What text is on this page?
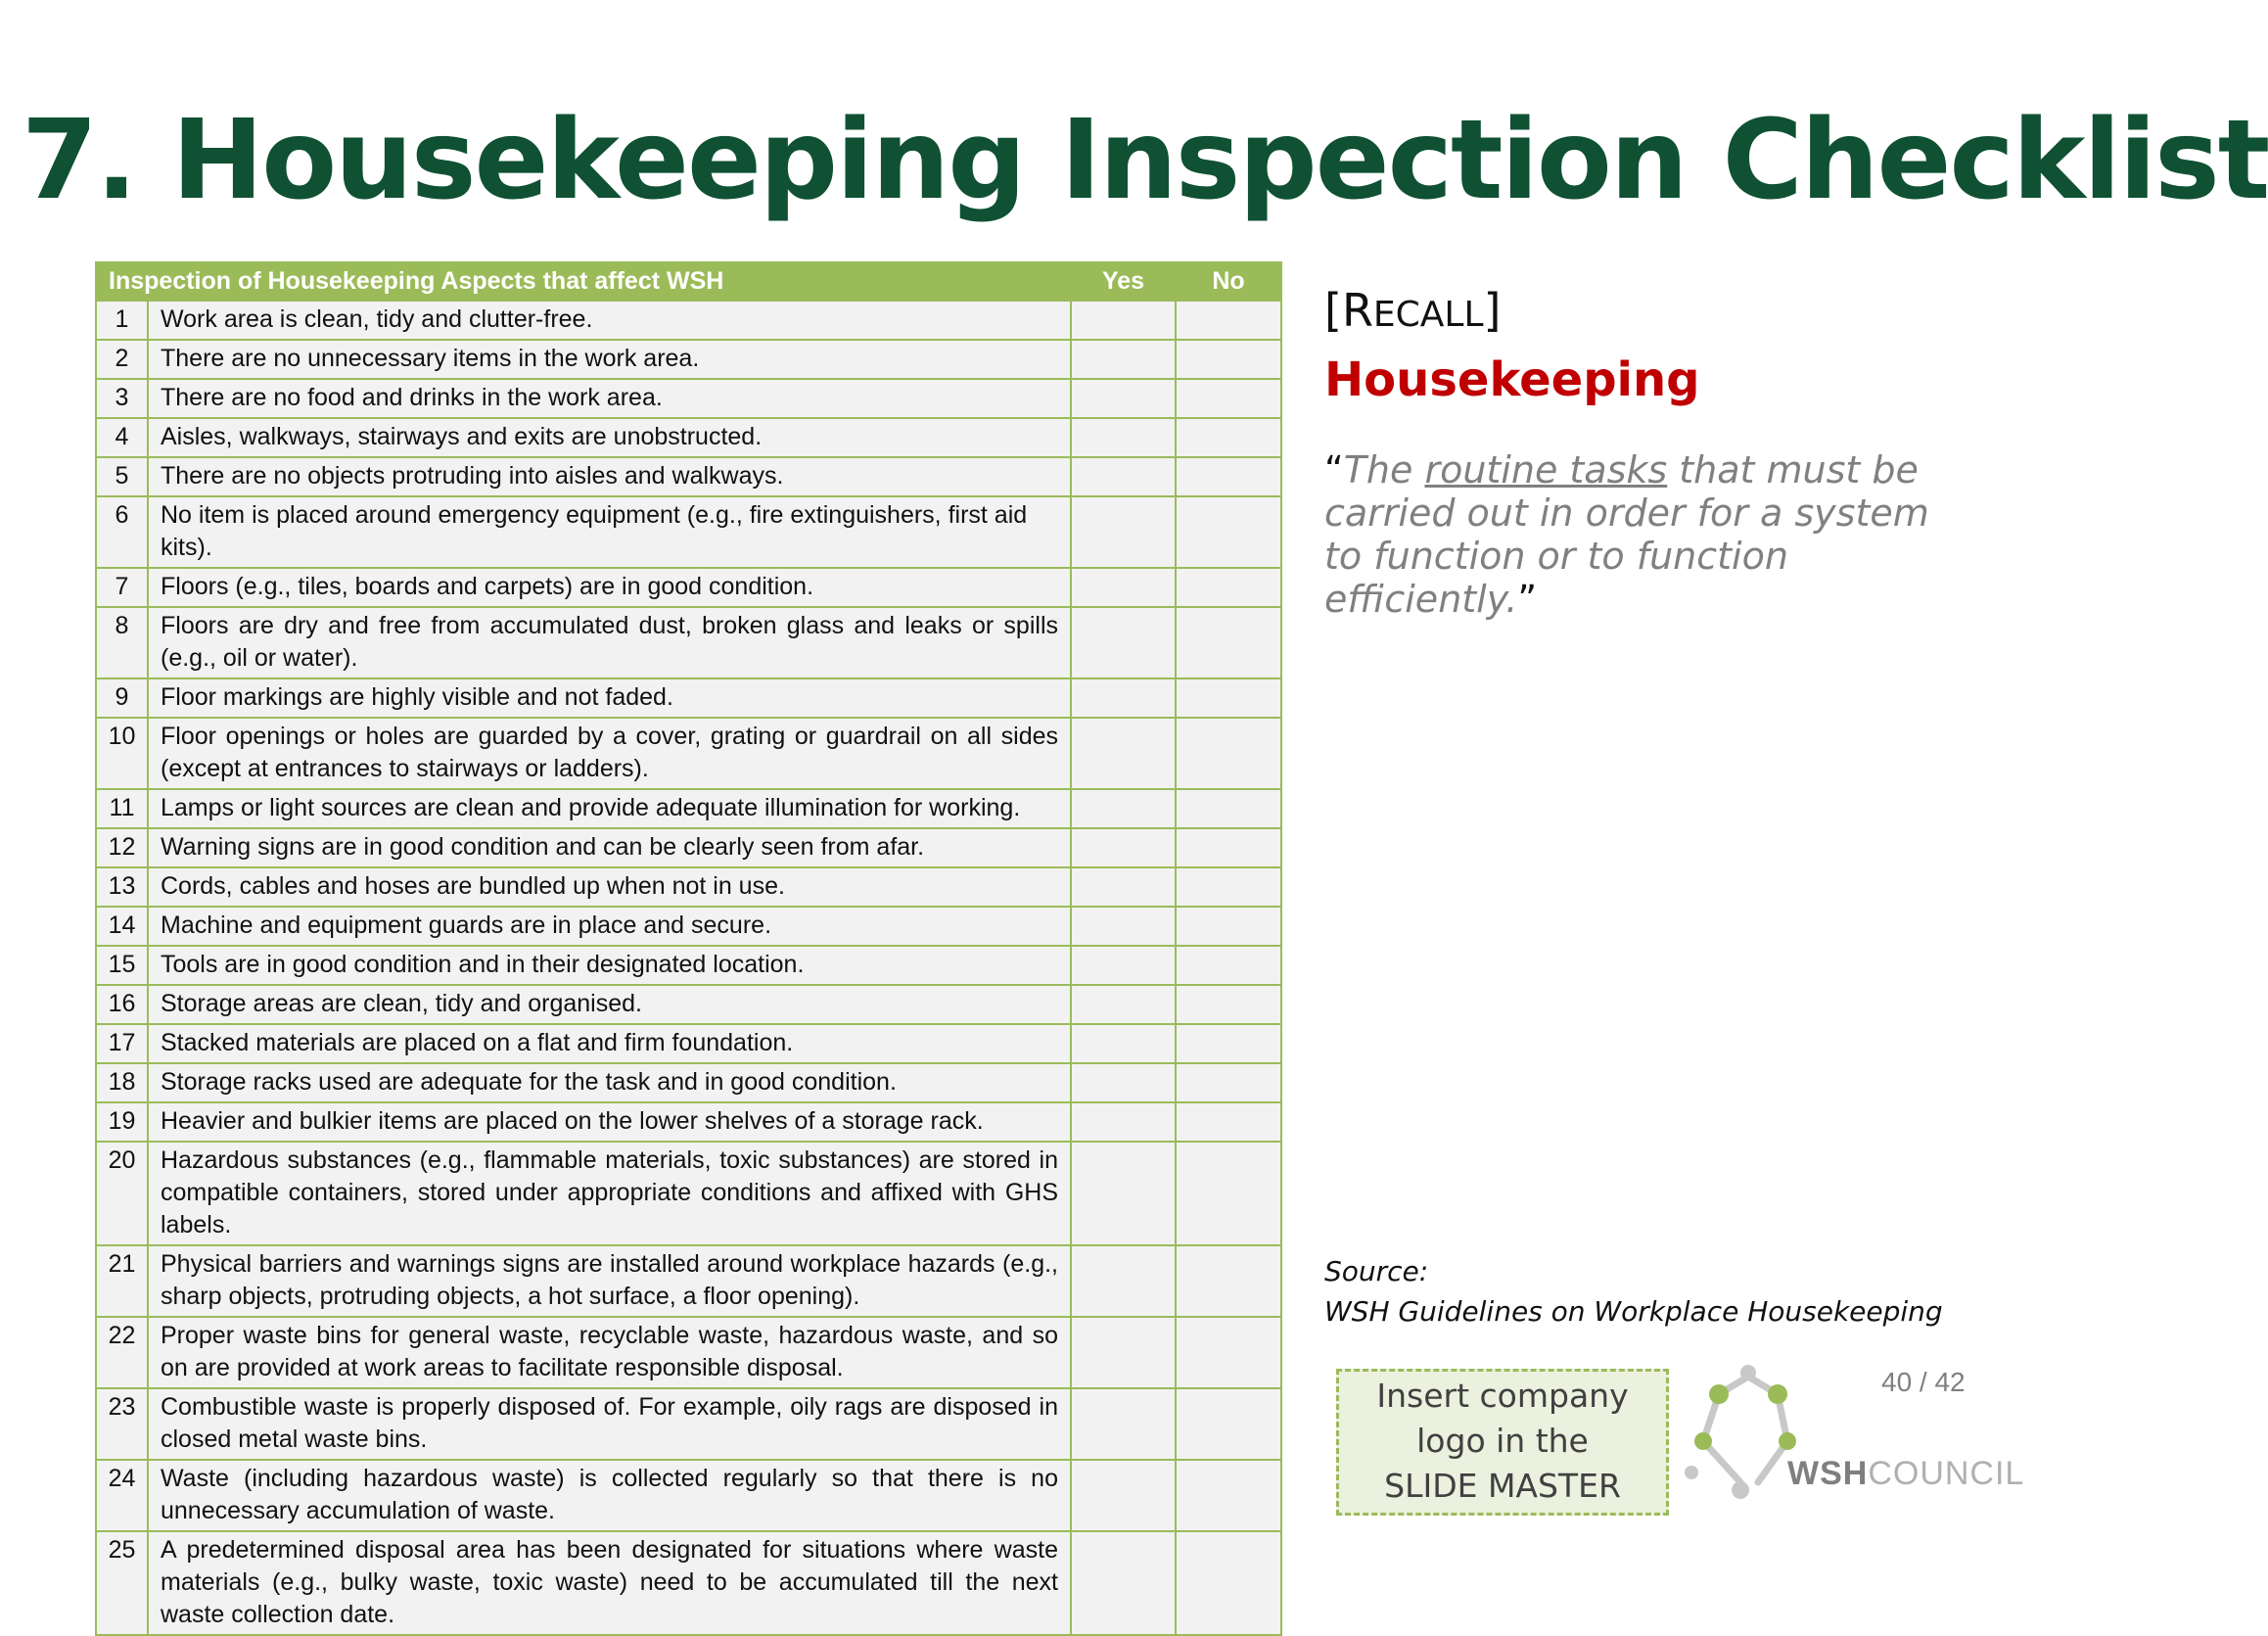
7. Housekeeping Inspection Checklist
Inspection of Housekeeping Aspects that affect WSH		Yes	No
1	Work area is clean, tidy and clutter-free.		
2	There are no unnecessary items in the work area.		
3	There are no food and drinks in the work area.		
4	Aisles, walkways, stairways and exits are unobstructed.		
5	There are no objects protruding into aisles and walkways.		
6	No item is placed around emergency equipment (e.g., fire extinguishers, first aid kits).		
7	Floors (e.g., tiles, boards and carpets) are in good condition.		
8	Floors are dry and free from accumulated dust, broken glass and leaks or spills (e.g., oil or water).		
9	Floor markings are highly visible and not faded.		
10	Floor openings or holes are guarded by a cover, grating or guardrail on all sides (except at entrances to stairways or ladders).		
11	Lamps or light sources are clean and provide adequate illumination for working.		
12	Warning signs are in good condition and can be clearly seen from afar.		
13	Cords, cables and hoses are bundled up when not in use.		
14	Machine and equipment guards are in place and secure.		
15	Tools are in good condition and in their designated location.		
16	Storage areas are clean, tidy and organised.		
17	Stacked materials are placed on a flat and firm foundation.		
18	Storage racks used are adequate for the task and in good condition.		
19	Heavier and bulkier items are placed on the lower shelves of a storage rack.		
20	Hazardous substances (e.g., flammable materials, toxic substances) are stored in compatible containers, stored under appropriate conditions and affixed with GHS labels.		
21	Physical barriers and warnings signs are installed around workplace hazards (e.g., sharp objects, protruding objects, a hot surface, a floor opening).		
22	Proper waste bins for general waste, recyclable waste, hazardous waste, and so on are provided at work areas to facilitate responsible disposal.		
23	Combustible waste is properly disposed of. For example, oily rags are disposed in closed metal waste bins.		
24	Waste (including hazardous waste) is collected regularly so that there is no unnecessary accumulation of waste.		
25	A predetermined disposal area has been designated for situations where waste materials (e.g., bulky waste, toxic waste) need to be accumulated till the next waste collection date.		
[RECALL]
Housekeeping
“The routine tasks that must be carried out in order for a system to function or to function efficiently.”
Source:
WSH Guidelines on Workplace Housekeeping
Insert company
logo in the
SLIDE MASTER	WSHCOUNCIL
40 / 42
